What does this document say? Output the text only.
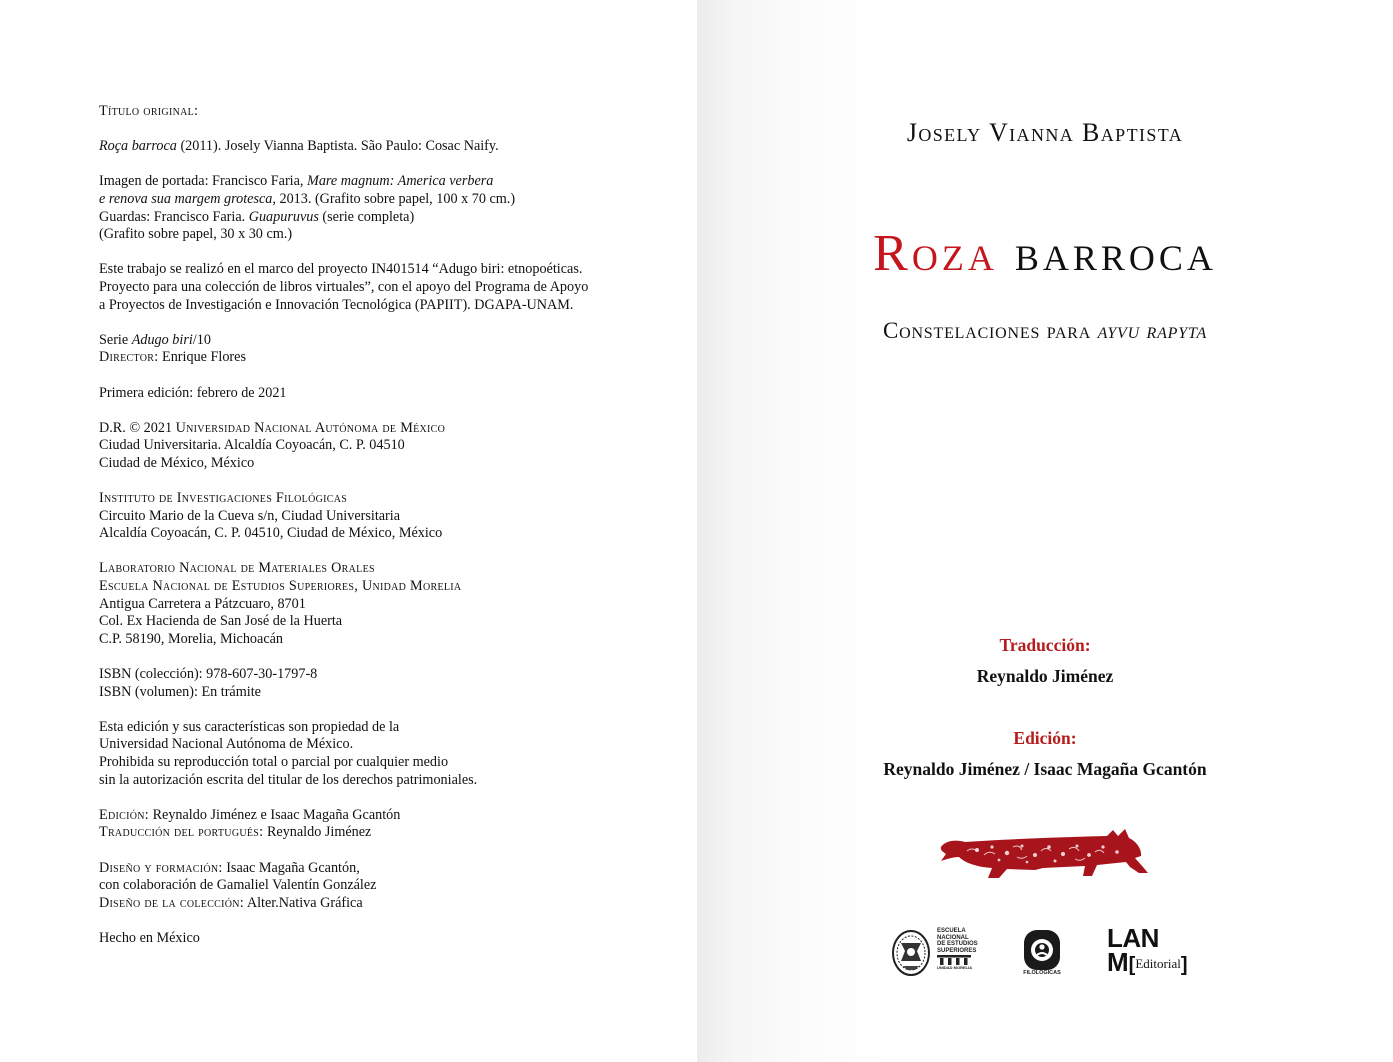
Título original:

Roça barroca (2011). Josely Vianna Baptista. São Paulo: Cosac Naify.

Imagen de portada: Francisco Faria, Mare magnum: America verbera
e renova sua margem grotesca, 2013. (Grafito sobre papel, 100 x 70 cm.)
Guardas: Francisco Faria. Guapuruvus (serie completa)
(Grafito sobre papel, 30 x 30 cm.)

Este trabajo se realizó en el marco del proyecto IN401514 “Adugo biri: etnopoéticas.
Proyecto para una colección de libros virtuales”, con el apoyo del Programa de Apoyo
a Proyectos de Investigación e Innovación Tecnológica (PAPIIT). DGAPA-UNAM.

Serie Adugo biri/10
Director: Enrique Flores

Primera edición: febrero de 2021

D.R. © 2021 Universidad Nacional Autónoma de México
Ciudad Universitaria. Alcaldía Coyoacán, C. P. 04510
Ciudad de México, México

Instituto de Investigaciones Filológicas
Circuito Mario de la Cueva s/n, Ciudad Universitaria
Alcaldía Coyoacán, C. P. 04510, Ciudad de México, México

Laboratorio Nacional de Materiales Orales
Escuela Nacional de Estudios Superiores, Unidad Morelia
Antigua Carretera a Pátzcuaro, 8701
Col. Ex Hacienda de San José de la Huerta
C.P. 58190, Morelia, Michoacán

ISBN (colección): 978-607-30-1797-8
ISBN (volumen): En trámite

Esta edición y sus características son propiedad de la
Universidad Nacional Autónoma de México.
Prohibida su reproducción total o parcial por cualquier medio
sin la autorización escrita del titular de los derechos patrimoniales.

Edición: Reynaldo Jiménez e Isaac Magaña Gcantón
Traducción del portugués: Reynaldo Jiménez

Diseño y formación: Isaac Magaña Gcantón,
con colaboración de Gamaliel Valentín González
Diseño de la colección: Alter.Nativa Gráfica

Hecho en México

Josely Vianna Baptista
Roza barroca
Constelaciones para ayvu rapyta
Traducción:
Reynaldo Jiménez
Edición:
Reynaldo Jiménez / Isaac Magaña Gcantón
ESCUELA
NACIONAL
DE ESTUDIOS
SUPERIORES
UNIDAD MORELIA
FILOLÓGICAS
LAN
M[Editorial]
